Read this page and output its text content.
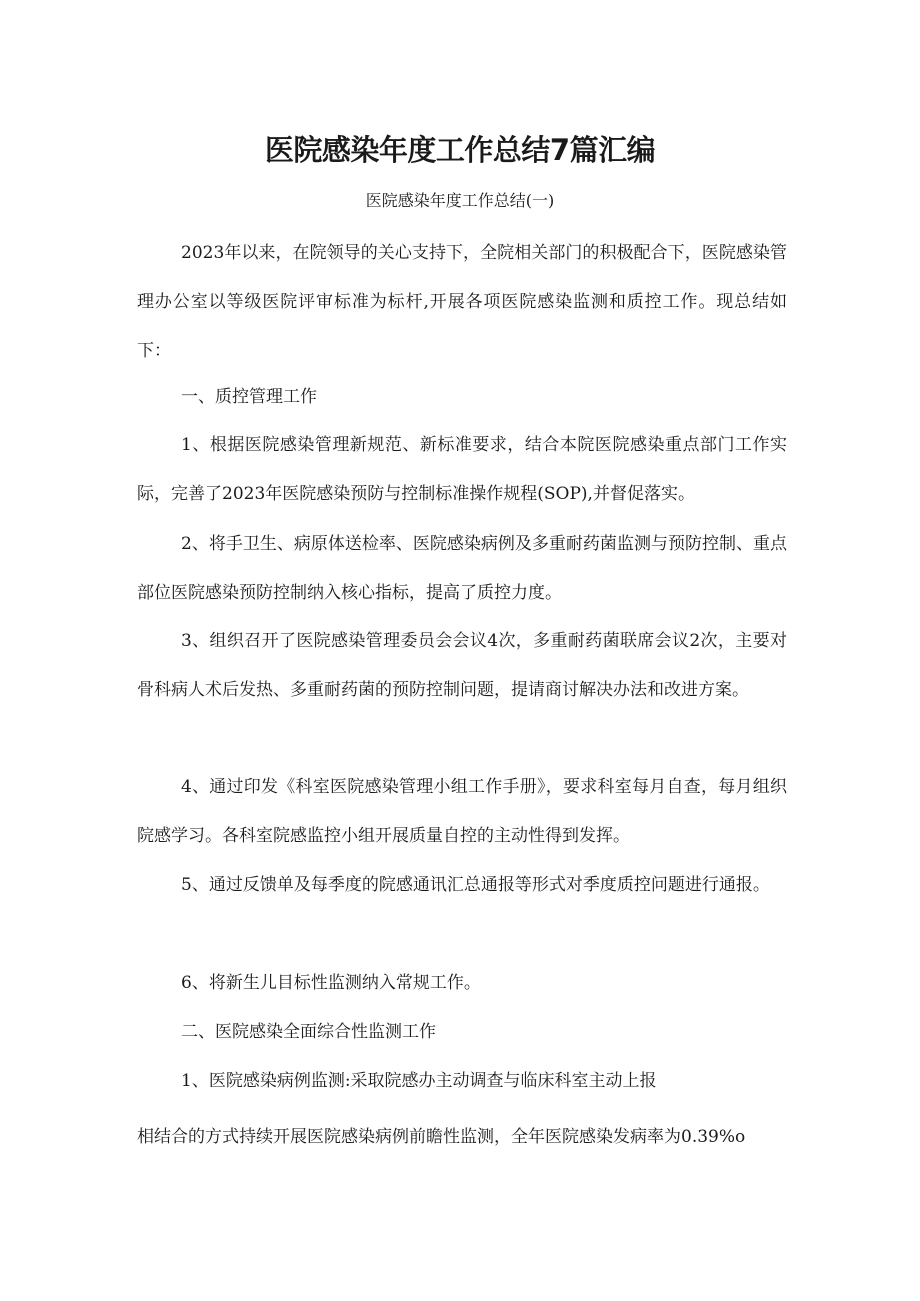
医院感染年度工作总结7篇汇编

医院感染年度工作总结(一)

2023年以来，在院领导的关心支持下，全院相关部门的积极配合下，医院感染管理办公室以等级医院评审标准为标杆,开展各项医院感染监测和质控工作。现总结如下：

一、质控管理工作

1、根据医院感染管理新规范、新标准要求，结合本院医院感染重点部门工作实际，完善了2023年医院感染预防与控制标准操作规程(SOP),并督促落实。

2、将手卫生、病原体送检率、医院感染病例及多重耐药菌监测与预防控制、重点部位医院感染预防控制纳入核心指标，提高了质控力度。

3、组织召开了医院感染管理委员会会议4次，多重耐药菌联席会议2次，主要对骨科病人术后发热、多重耐药菌的预防控制问题，提请商讨解决办法和改进方案。

4、通过印发《科室医院感染管理小组工作手册》，要求科室每月自查，每月组织院感学习。各科室院感监控小组开展质量自控的主动性得到发挥。

5、通过反馈单及每季度的院感通讯汇总通报等形式对季度质控问题进行通报。

6、将新生儿目标性监测纳入常规工作。

二、医院感染全面综合性监测工作

1、医院感染病例监测:采取院感办主动调查与临床科室主动上报

相结合的方式持续开展医院感染病例前瞻性监测，全年医院感染发病率为0.39%o
